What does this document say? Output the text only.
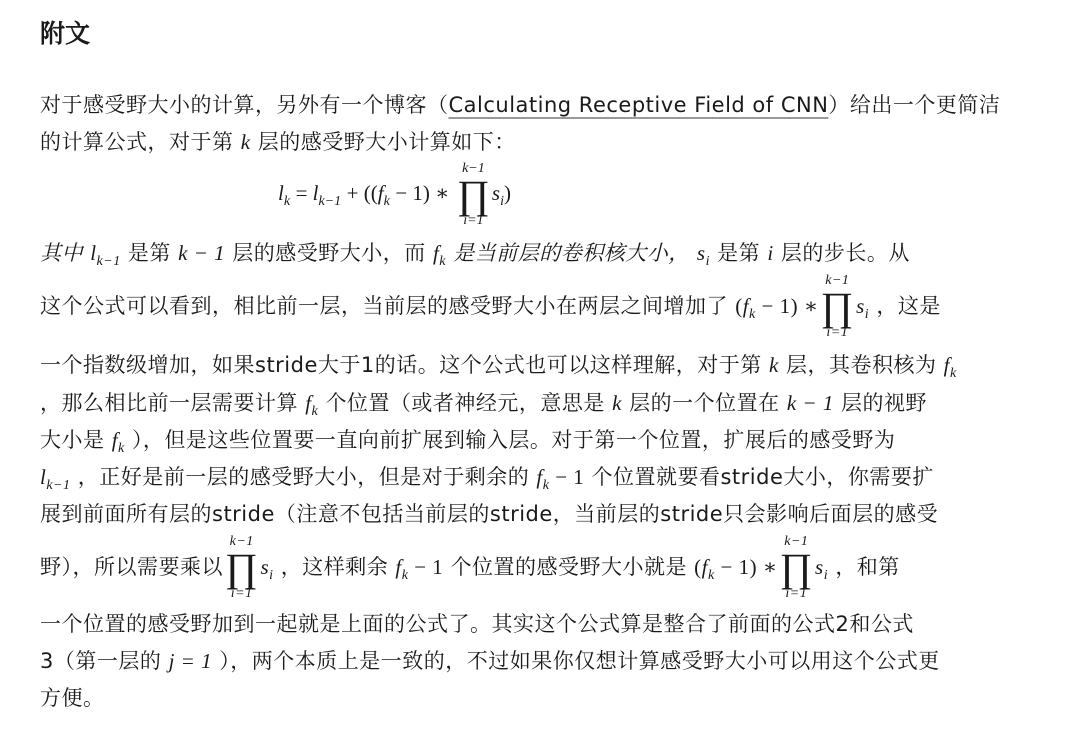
附文
对于感受野大小的计算，另外有一个博客（Calculating Receptive Field of CNN）给出一个更简洁
的计算公式，对于第 k 层的感受野大小计算如下：
$l_k = l_{k-1} + ((f_k - 1)$ ∗
k−1
∏
i=1
$s_i$)
其中 $l_{k-1}$ 是第 k − 1 层的感受野大小，而 $f_k$ 是当前层的卷积核大小， $s_i$ 是第 i 层的步长。从
这个公式可以看到，相比前一层，当前层的感受野大小在两层之间增加了 $(f_k - 1)$ ∗
k−1
∏
i=1
$s_i$ ，这是
一个指数级增加，如果stride大于1的话。这个公式也可以这样理解，对于第 k 层，其卷积核为 $f_k$
，那么相比前一层需要计算 $f_k$ 个位置（或者神经元，意思是 k 层的一个位置在 k − 1 层的视野
大小是 $f_k$ ），但是这些位置要一直向前扩展到输入层。对于第一个位置，扩展后的感受野为
$l_{k-1}$ ，正好是前一层的感受野大小，但是对于剩余的 $f_k - 1$ 个位置就要看stride大小，你需要扩
展到前面所有层的stride（注意不包括当前层的stride，当前层的stride只会影响后面层的感受
野），所以需要乘以
k−1
∏
i=1
$s_i$ ，这样剩余 $f_k - 1$ 个位置的感受野大小就是 $(f_k - 1)$ ∗
k−1
∏
i=1
$s_i$ ，和第
一个位置的感受野加到一起就是上面的公式了。其实这个公式算是整合了前面的公式2和公式
3（第一层的 j = 1 ），两个本质上是一致的，不过如果你仅想计算感受野大小可以用这个公式更
方便。
